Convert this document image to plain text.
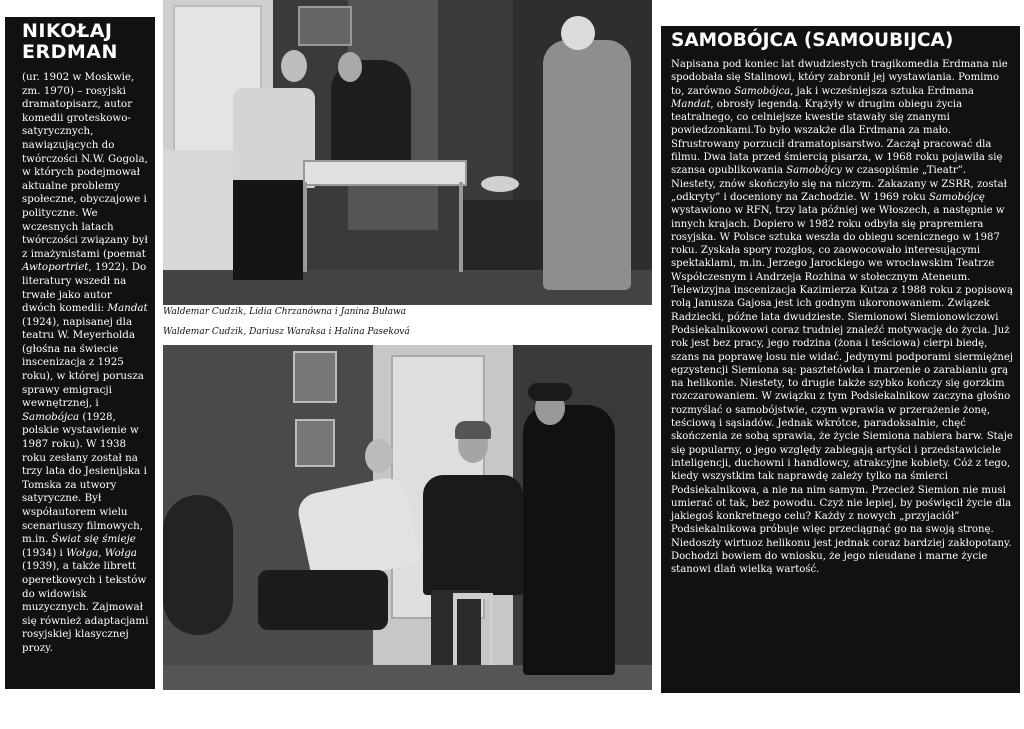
NIKOŁAJ ERDMAN

(ur. 1902 w Moskwie, zm. 1970) – rosyjski dramatopisarz, autor komedii groteskowo-satyrycznych, nawiązujących do twórczości N.W. Gogola, w których podejmował aktualne problemy społeczne, obyczajowe i polityczne. We wczesnych latach twórczości związany był z imażynistami (poemat Awtoportriet, 1922). Do literatury wszedł na trwałe jako autor dwóch komedii: Mandat (1924), napisanej dla teatru W. Meyerholda (głośna na świecie inscenizacja z 1925 roku), w której porusza sprawy emigracji wewnętrznej, i Samobójca (1928, polskie wystawienie w 1987 roku). W 1938 roku zesłany został na trzy lata do Jesienijska i Tomska za utwory satyryczne. Był współautorem wielu scenariuszy filmowych, m.in. Świat się śmieje (1934) i Wołga, Wołga (1939), a także librett operetkowych i tekstów do widowisk muzycznych. Zajmował się również adaptacjami rosyjskiej klasycznej prozy.

Waldemar Cudzik, Lidia Chrzanówna i Janina Buława
Waldemar Cudzik, Dariusz Waraksa i Halina Paseková
SAMOBÓJCA (SAMOUBIJCA)

Napisana pod koniec lat dwudziestych tragikomedia Erdmana nie spodobała się Stalinowi, który zabronił jej wystawiania. Pomimo to, zarówno Samobójca, jak i wcześniejsza sztuka Erdmana Mandat, obrosły legendą. Krążyły w drugim obiegu życia teatralnego, co celniejsze kwestie stawały się znanymi powiedzonkami.To było wszakże dla Erdmana za mało. Sfrustrowany porzucił dramatopisarstwo. Zaczął pracować dla filmu. Dwa lata przed śmiercią pisarza, w 1968 roku pojawiła się szansa opublikowania Samobójcy w czasopiśmie „Tieatr”. Niestety, znów skończyło się na niczym. Zakazany w ZSRR, został „odkryty” i doceniony na Zachodzie. W 1969 roku Samobójcę wystawiono w RFN, trzy lata później we Włoszech, a następnie w innych krajach. Dopiero w 1982 roku odbyła się prapremiera rosyjska. W Polsce sztuka weszła do obiegu scenicznego w 1987 roku. Zyskała spory rozgłos, co zaowocowało interesującymi spektaklami, m.in. Jerzego Jarockiego we wrocławskim Teatrze Współczesnym i Andrzeja Rozhina w stołecznym Ateneum. Telewizyjna inscenizacja Kazimierza Kutza z 1988 roku z popisową rolą Janusza Gajosa jest ich godnym ukoronowaniem. Związek Radziecki, późne lata dwudzieste. Siemionowi Siemionowiczowi Podsiekalnikowowi coraz trudniej znaleźć motywację do życia. Już rok jest bez pracy, jego rodzina (żona i teściowa) cierpi biedę, szans na poprawę losu nie widać. Jedynymi podporami siermiężnej egzystencji Siemiona są: pasztetówka i marzenie o zarabianiu grą na helikonie. Niestety, to drugie także szybko kończy się gorzkim rozczarowaniem. W związku z tym Podsiekalnikow zaczyna głośno rozmyślać o samobójstwie, czym wprawia w przerażenie żonę, teściową i sąsiadów. Jednak wkrótce, paradoksalnie, chęć skończenia ze sobą sprawia, że życie Siemiona nabiera barw. Staje się popularny, o jego względy zabiegają artyści i przedstawiciele inteligencji, duchowni i handlowcy, atrakcyjne kobiety. Cóż z tego, kiedy wszystkim tak naprawdę zależy tylko na śmierci Podsiekalnikowa, a nie na nim samym. Przecież Siemion nie musi umierać ot tak, bez powodu. Czyż nie lepiej, by poświęcił życie dla jakiegoś konkretnego celu? Każdy z nowych „przyjaciół” Podsiekalnikowa próbuje więc przeciągnąć go na swoją stronę. Niedoszły wirtuoz helikonu jest jednak coraz bardziej zakłopotany. Dochodzi bowiem do wniosku, że jego nieudane i marne życie stanowi dlań wielką wartość.
